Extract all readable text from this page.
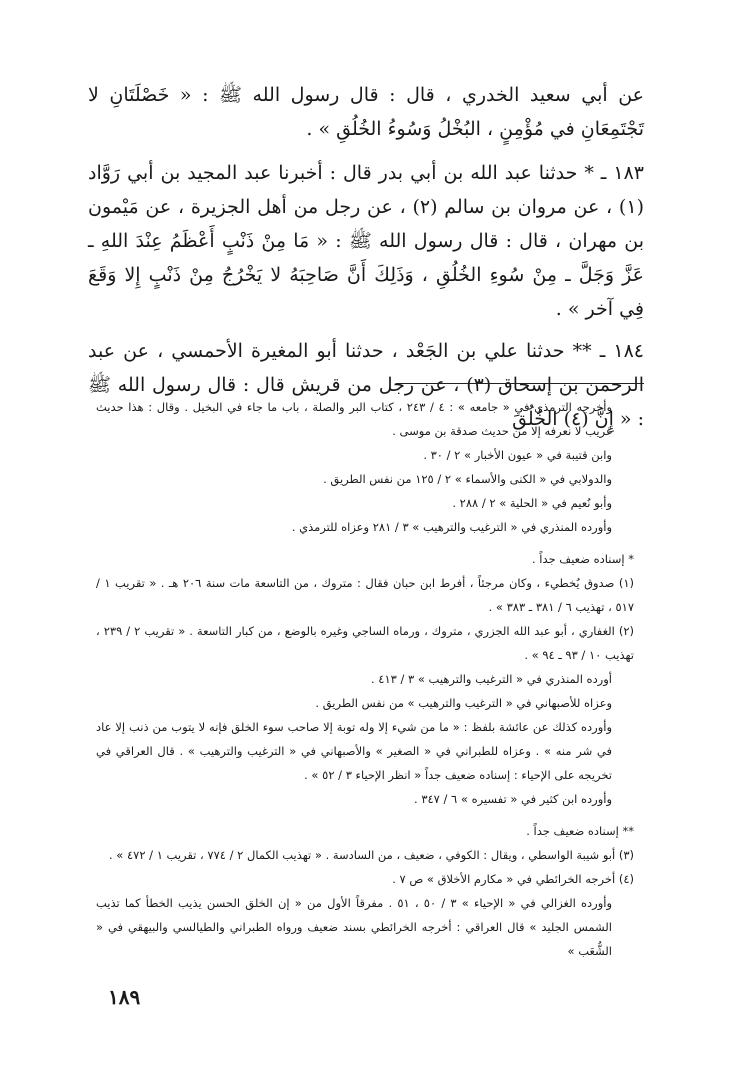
عن أبي سعيد الخدري ، قال : قال رسول الله ﷺ : « خَصْلَتَانِ لا تَجْتَمِعَانِ في مُؤْمِنٍ ، البُخْلُ وَسُوءُ الخُلُقِ » .

١٨٣ ـ * حدثنا عبد الله بن أبي بدر قال : أخبرنا عبد المجيد بن أبي رَوَّاد (١) ، عن مروان بن سالم (٢) ، عن رجل من أهل الجزيرة ، عن مَيْمون بن مهران ، قال : قال رسول الله ﷺ : « مَا مِنْ ذَنْبٍ أَعْظَمُ عِنْدَ اللهِ ـ عَزَّ وَجَلَّ ـ مِنْ سُوءِ الخُلُقِ ، وَذَلِكَ أَنَّ صَاحِبَهُ لا يَخْرُجُ مِنْ ذَنْبٍ إِلا وَقَعَ فِي آخر » .

١٨٤ ـ ** حدثنا علي بن الجَعْد ، حدثنا أبو المغيرة الأحمسي ، عن عبد الرحمن بن إسحاق (٣) ، عن رجل من قريش قال : قال رسول الله ﷺ : « إِنَّ (٤) الخُلُقَ

وأخرجه الترمذي في « جامعه » : ٤ / ٢٤٣ ، كتاب البر والصلة ، باب ما جاء في البخيل . وقال : هذا حديث غريب لا نعرفه إلا من حديث صدقة بن موسى .

وابن قتيبة في « عيون الأخبار » ٢ / ٣٠ .

والدولابي في « الكنى والأسماء » ٢ / ١٢٥ من نفس الطريق .

وأبو نُعيم في « الحلية » ٢ / ٢٨٨ .

وأورده المنذري في « الترغيب والترهيب » ٣ / ٢٨١ وعزاه للترمذي .

* إسناده ضعيف جداً .

(١) صدوق يُخطيء ، وكان مرجئاً ، أفرط ابن حبان فقال : متروك ، من التاسعة مات سنة ٢٠٦ هـ . « تقريب ١ / ٥١٧ ، تهذيب ٦ / ٣٨١ ـ ٣٨٣ » .

(٢) الغفاري ، أبو عبد الله الجزري ، متروك ، ورماه الساجي وغيره بالوضع ، من كبار التاسعة . « تقريب ٢ / ٢٣٩ ، تهذيب ١٠ / ٩٣ ـ ٩٤ » .

أورده المنذري في « الترغيب والترهيب » ٣ / ٤١٣ .

وعزاه للأصبهاني في « الترغيب والترهيب » من نفس الطريق .

وأورده كذلك عن عائشة بلفظ : « ما من شيء إلا وله توبة إلا صاحب سوء الخلق فإنه لا يتوب من ذنب إلا عاد في شر منه » . وعزاه للطبراني في « الصغير » والأصبهاني في « الترغيب والترهيب » . قال العراقي في تخريجه على الإحياء : إسناده ضعيف جداً « انظر الإحياء ٣ / ٥٢ » .

وأورده ابن كثير في « تفسيره » ٦ / ٣٤٧ .

** إسناده ضعيف جداً .

(٣) أبو شيبة الواسطي ، ويقال : الكوفي ، ضعيف ، من السادسة . « تهذيب الكمال ٢ / ٧٧٤ ، تقريب ١ / ٤٧٢ » .

(٤) أخرجه الخرائطي في « مكارم الأخلاق » ص ٧ .

وأورده الغزالي في « الإحياء » ٣ / ٥٠ ، ٥١ . مفرقاً الأول من « إن الخلق الحسن يذيب الخطأ كما تذيب الشمس الجليد » قال العراقي : أخرجه الخرائطي بسند ضعيف ورواه الطبراني والطيالسي والبيهقي في « الشُّعَب »

١٨٩
